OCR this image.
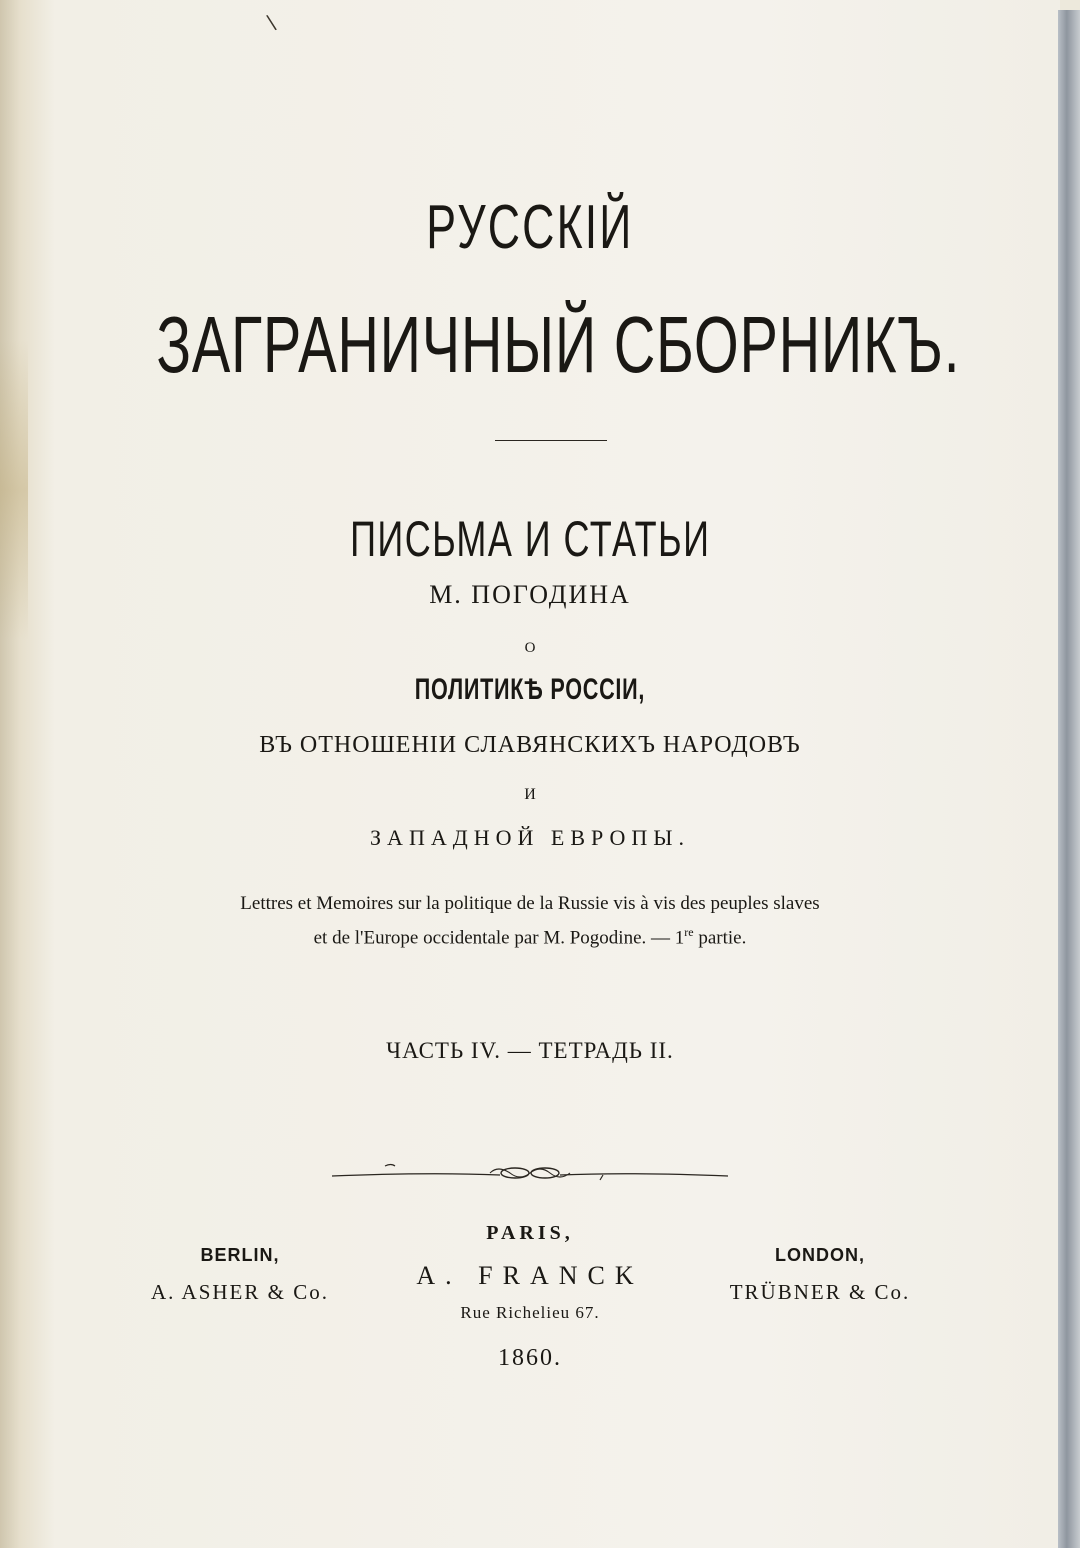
\
РУССКІЙ
ЗАГРАНИЧНЫЙ СБОРНИКЪ.
ПИСЬМА И СТАТЬИ
М. ПОГОДИНА
О
ПОЛИТИКѢ РОССІИ,
ВЪ ОТНОШЕНІИ СЛАВЯНСКИХЪ НАРОДОВЪ
И
ЗАПАДНОЙ ЕВРОПЫ.
Lettres et Memoires sur la politique de la Russie vis à vis des peuples slaves
et de l'Europe occidentale par M. Pogodine. — 1re partie.
ЧАСТЬ IV. — ТЕТРАДЬ II.
BERLIN,
A. ASHER & Co.
PARIS,
A. FRANCK
Rue Richelieu 67.
1860.
LONDON,
TRÜBNER & Co.
